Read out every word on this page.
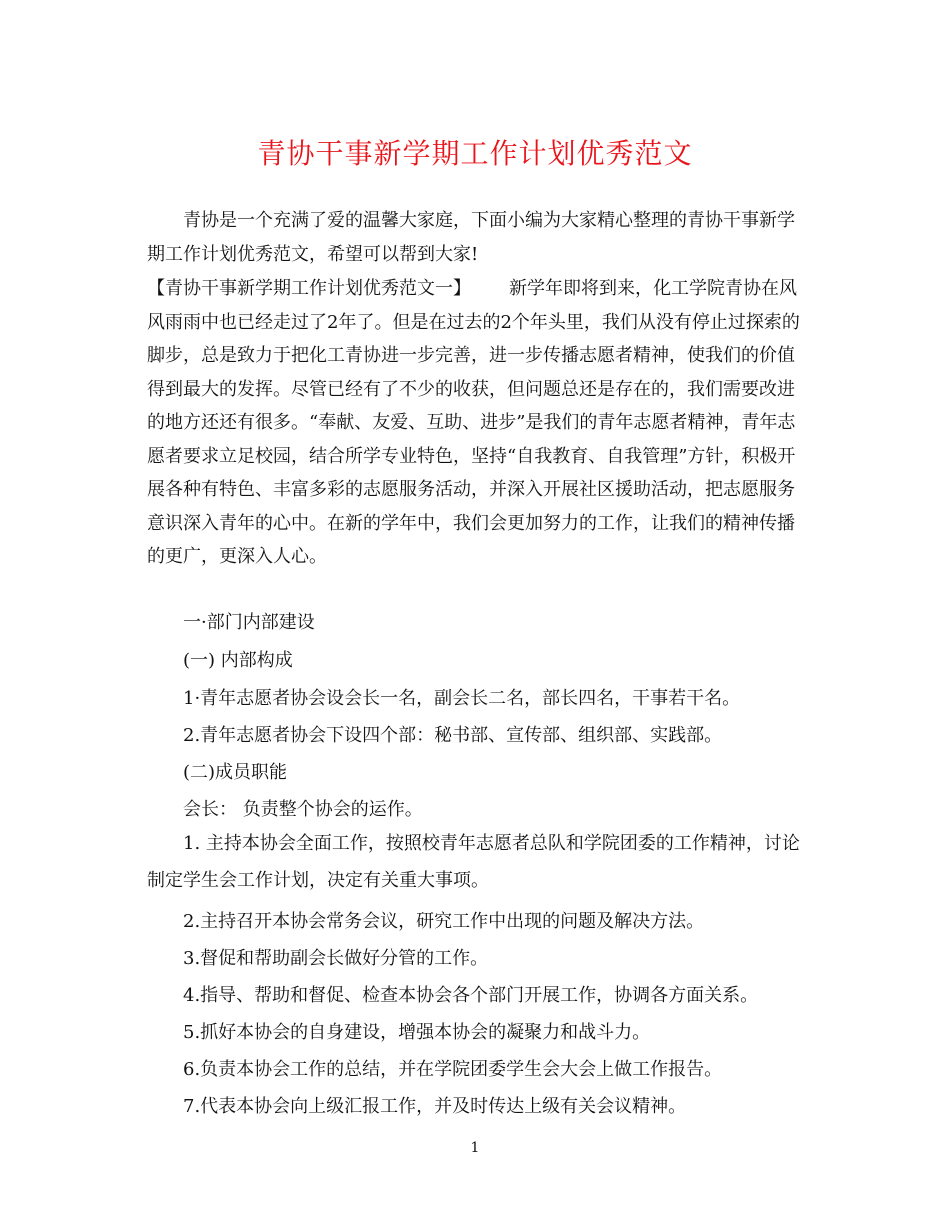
青协干事新学期工作计划优秀范文

青协是一个充满了爱的温馨大家庭，下面小编为大家精心整理的青协干事新学期工作计划优秀范文，希望可以帮到大家!

【青协干事新学期工作计划优秀范文一】 新学年即将到来，化工学院青协在风风雨雨中也已经走过了2年了。但是在过去的2个年头里，我们从没有停止过探索的脚步，总是致力于把化工青协进一步完善，进一步传播志愿者精神，使我们的价值得到最大的发挥。尽管已经有了不少的收获，但问题总还是存在的，我们需要改进的地方还还有很多。“奉献、友爱、互助、进步”是我们的青年志愿者精神，青年志愿者要求立足校园，结合所学专业特色，坚持“自我教育、自我管理”方针，积极开展各种有特色、丰富多彩的志愿服务活动，并深入开展社区援助活动，把志愿服务意识深入青年的心中。在新的学年中，我们会更加努力的工作，让我们的精神传播的更广，更深入人心。

一·部门内部建设
(一) 内部构成
1·青年志愿者协会设会长一名，副会长二名，部长四名，干事若干名。
2.青年志愿者协会下设四个部：秘书部、宣传部、组织部、实践部。
(二)成员职能
会长： 负责整个协会的运作。

1. 主持本协会全面工作，按照校青年志愿者总队和学院团委的工作精神，讨论制定学生会工作计划，决定有关重大事项。

2.主持召开本协会常务会议，研究工作中出现的问题及解决方法。
3.督促和帮助副会长做好分管的工作。
4.指导、帮助和督促、检查本协会各个部门开展工作，协调各方面关系。
5.抓好本协会的自身建设，增强本协会的凝聚力和战斗力。
6.负责本协会工作的总结，并在学院团委学生会大会上做工作报告。
7.代表本协会向上级汇报工作，并及时传达上级有关会议精神。
1
